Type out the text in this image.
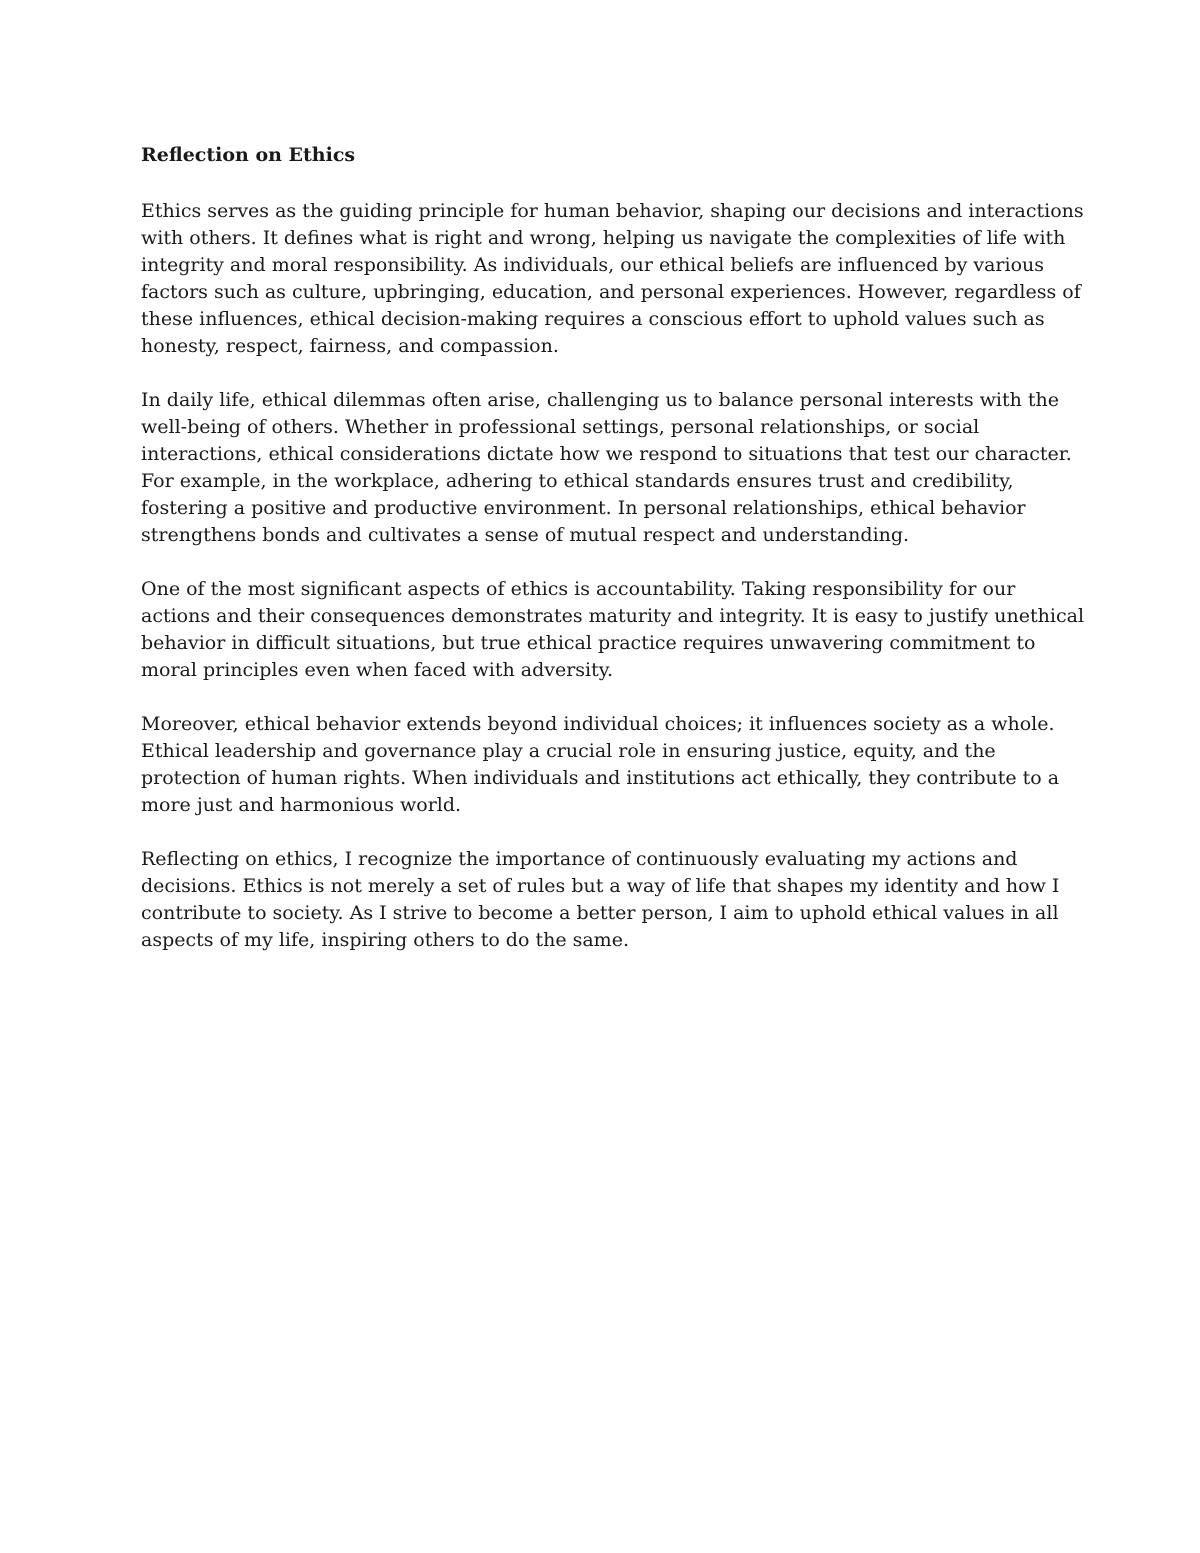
Reflection on Ethics

Ethics serves as the guiding principle for human behavior, shaping our decisions and interactions
with others. It defines what is right and wrong, helping us navigate the complexities of life with
integrity and moral responsibility. As individuals, our ethical beliefs are influenced by various
factors such as culture, upbringing, education, and personal experiences. However, regardless of
these influences, ethical decision-making requires a conscious effort to uphold values such as
honesty, respect, fairness, and compassion.

In daily life, ethical dilemmas often arise, challenging us to balance personal interests with the
well-being of others. Whether in professional settings, personal relationships, or social
interactions, ethical considerations dictate how we respond to situations that test our character.
For example, in the workplace, adhering to ethical standards ensures trust and credibility,
fostering a positive and productive environment. In personal relationships, ethical behavior
strengthens bonds and cultivates a sense of mutual respect and understanding.

One of the most significant aspects of ethics is accountability. Taking responsibility for our
actions and their consequences demonstrates maturity and integrity. It is easy to justify unethical
behavior in difficult situations, but true ethical practice requires unwavering commitment to
moral principles even when faced with adversity.

Moreover, ethical behavior extends beyond individual choices; it influences society as a whole.
Ethical leadership and governance play a crucial role in ensuring justice, equity, and the
protection of human rights. When individuals and institutions act ethically, they contribute to a
more just and harmonious world.

Reflecting on ethics, I recognize the importance of continuously evaluating my actions and
decisions. Ethics is not merely a set of rules but a way of life that shapes my identity and how I
contribute to society. As I strive to become a better person, I aim to uphold ethical values in all
aspects of my life, inspiring others to do the same.
